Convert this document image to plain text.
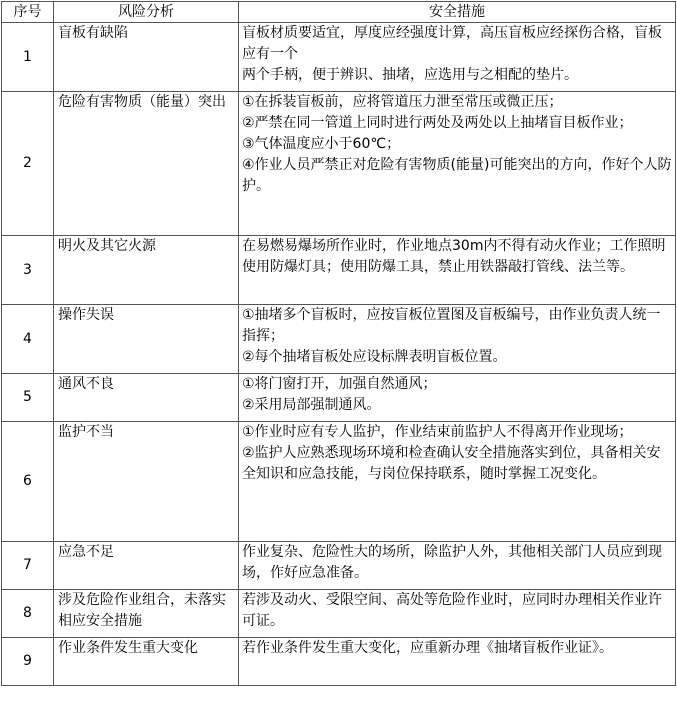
序号	风险分析	安全措施
1	盲板有缺陷	盲板材质要适宜，厚度应经强度计算，高压盲板应经探伤合格，盲板应有一个
两个手柄，便于辨识、抽堵，应选用与之相配的垫片。

2	危险有害物质（能量）突出	①在拆装盲板前，应将管道压力泄至常压或微正压；
②严禁在同一管道上同时进行两处及两处以上抽堵盲目板作业；
③气体温度应小于60℃；
④作业人员严禁正对危险有害物质(能量)可能突出的方向，作好个人防护。

3	明火及其它火源	在易燃易爆场所作业时，作业地点30m内不得有动火作业；工作照明使用防爆灯具；使用防爆工具，禁止用铁器敲打管线、法兰等。

4	操作失误	①抽堵多个盲板时，应按盲板位置图及盲板编号，由作业负责人统一指挥；
②每个抽堵盲板处应设标牌表明盲板位置。

5	通风不良	①将门窗打开，加强自然通风；
②采用局部强制通风。

6	监护不当	①作业时应有专人监护，作业结束前监护人不得离开作业现场；
②监护人应熟悉现场环境和检查确认安全措施落实到位，具备相关安全知识和应急技能，与岗位保持联系，随时掌握工况变化。

7	应急不足	作业复杂、危险性大的场所，除监护人外，其他相关部门人员应到现场，作好应急准备。

8	涉及危险作业组合，未落实相应安全措施	若涉及动火、受限空间、高处等危险作业时，应同时办理相关作业许可证。

9	作业条件发生重大变化	若作业条件发生重大变化，应重新办理《抽堵盲板作业证》。
